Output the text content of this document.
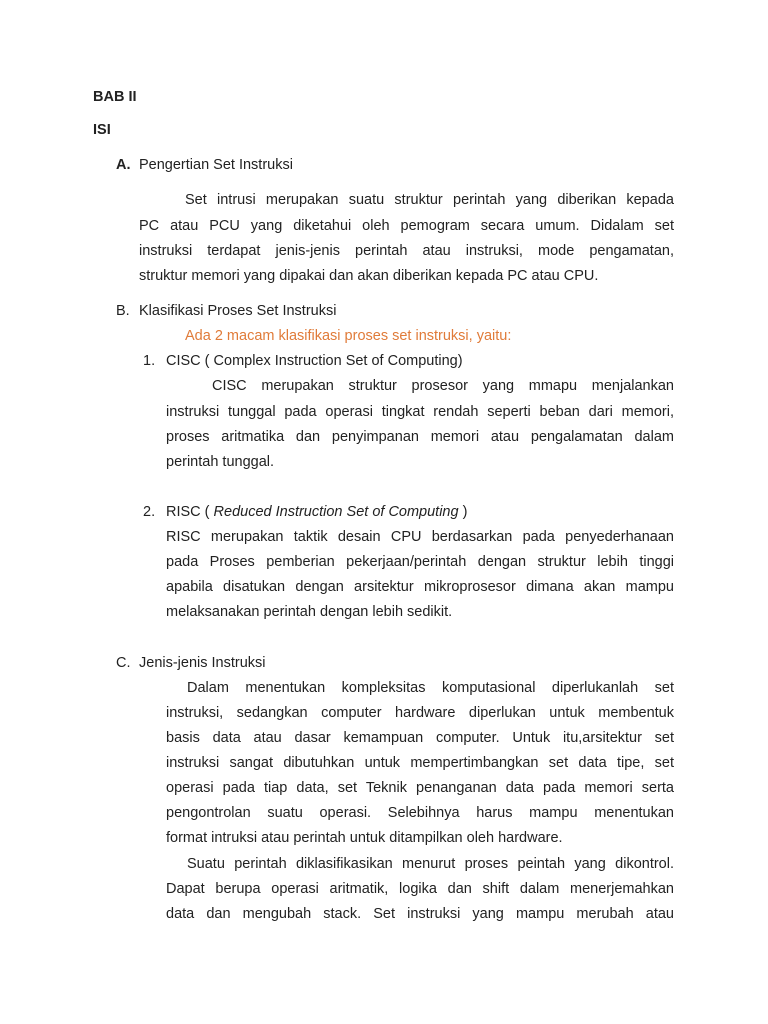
BAB II
ISI
A. Pengertian Set Instruksi
Set intrusi merupakan suatu struktur perintah yang diberikan kepada
PC atau PCU yang diketahui oleh pemogram secara umum. Didalam set
instruksi terdapat jenis-jenis perintah atau instruksi, mode pengamatan,
struktur memori yang dipakai dan akan diberikan kepada PC atau CPU.
B. Klasifikasi Proses Set Instruksi
Ada 2 macam klasifikasi proses set instruksi, yaitu:
1. CISC ( Complex Instruction Set of Computing)
CISC merupakan struktur prosesor yang mmapu menjalankan
instruksi tunggal pada operasi tingkat rendah seperti beban dari memori,
proses aritmatika dan penyimpanan memori atau pengalamatan dalam
perintah tunggal.
2. RISC ( Reduced Instruction Set of Computing )
RISC merupakan taktik desain CPU berdasarkan pada penyederhanaan
pada Proses pemberian pekerjaan/perintah dengan struktur lebih tinggi
apabila disatukan dengan arsitektur mikroprosesor dimana akan mampu
melaksanakan perintah dengan lebih sedikit.
C. Jenis-jenis Instruksi
Dalam menentukan kompleksitas komputasional diperlukanlah set
instruksi, sedangkan computer hardware diperlukan untuk membentuk
basis data atau dasar kemampuan computer. Untuk itu,arsitektur set
instruksi sangat dibutuhkan untuk mempertimbangkan set data tipe, set
operasi pada tiap data, set Teknik penanganan data pada memori serta
pengontrolan suatu operasi. Selebihnya harus mampu menentukan
format intruksi atau perintah untuk ditampilkan oleh hardware.
Suatu perintah diklasifikasikan menurut proses peintah yang dikontrol.
Dapat berupa operasi aritmatik, logika dan shift dalam menerjemahkan
data dan mengubah stack. Set instruksi yang mampu merubah atau
